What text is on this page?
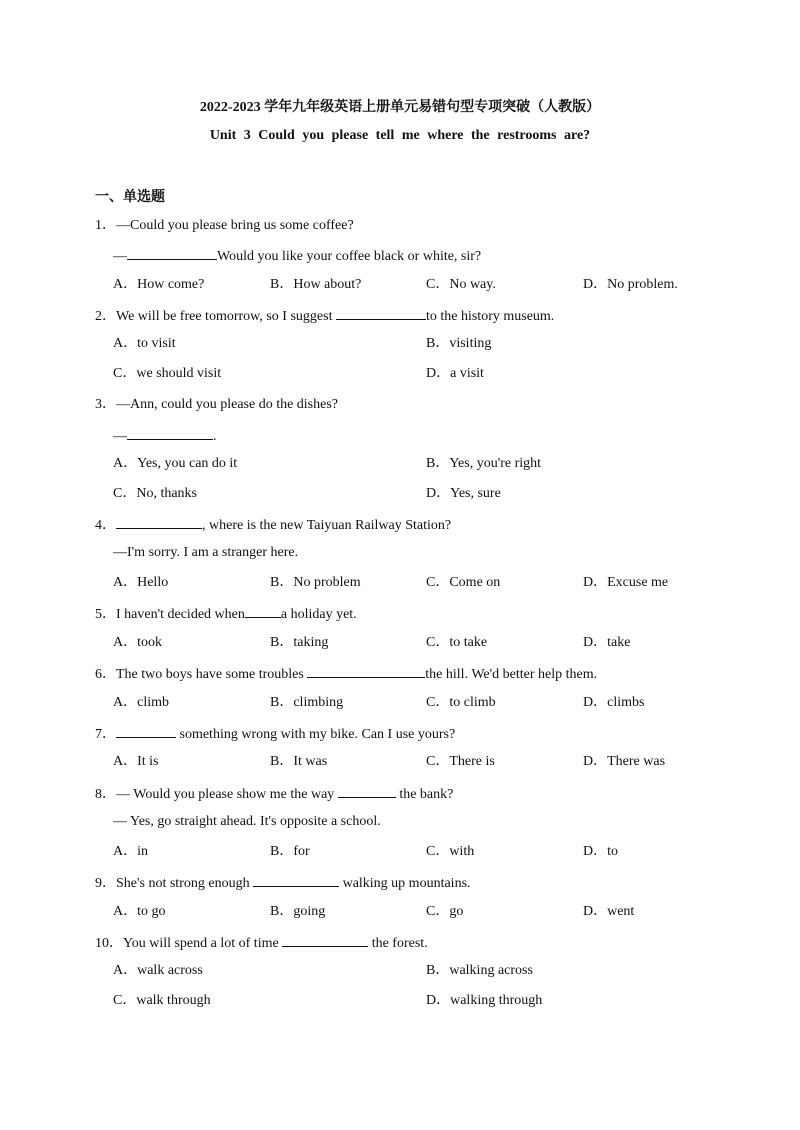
2022-2023 学年九年级英语上册单元易错句型专项突破（人教版）
Unit 3 Could you please tell me where the restrooms are?
一、单选题
1．—Could you please bring us some coffee?
—	Would you like your coffee black or white, sir?
A．How come?	B．How about?	C．No way.	D．No problem.
2．We will be free tomorrow, so I suggest	to the history museum.
A．to visit	B．visiting
C．we should visit	D．a visit
3．—Ann, could you please do the dishes?
—	.
A．Yes, you can do it	B．Yes, you're right
C．No, thanks	D．Yes, sure
4．	, where is the new Taiyuan Railway Station?
—I'm sorry. I am a stranger here.
A．Hello	B．No problem	C．Come on	D．Excuse me
5．I haven't decided when	a holiday yet.
A．took	B．taking	C．to take	D．take
6．The two boys have some troubles	the hill. We'd better help them.
A．climb	B．climbing	C．to climb	D．climbs
7．	something wrong with my bike. Can I use yours?
A．It is	B．It was	C．There is	D．There was
8．— Would you please show me the way	the bank?
— Yes, go straight ahead. It's opposite a school.
A．in	B．for	C．with	D．to
9．She's not strong enough	walking up mountains.
A．to go	B．going	C．go	D．went
10．You will spend a lot of time	the forest.
A．walk across	B．walking across
C．walk through	D．walking through
